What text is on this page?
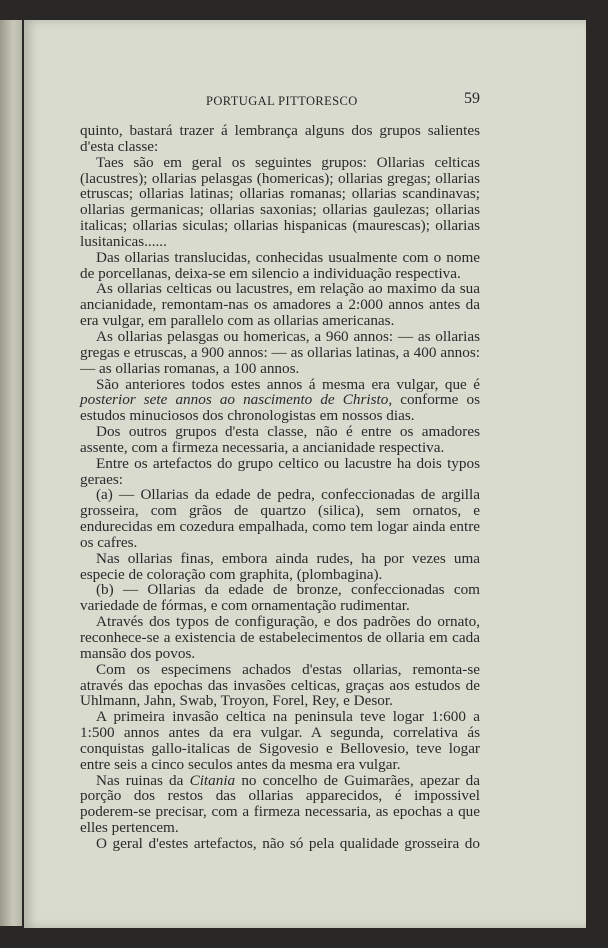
PORTUGAL PITTORESCO	59

quinto, bastará trazer á lembrança alguns dos grupos salientes d'esta classe:

Taes são em geral os seguintes grupos: Ollarias celticas (lacustres); ollarias pelasgas (homericas); ollarias gregas; ollarias etruscas; ollarias latinas; ollarias romanas; ollarias scandinavas; ollarias germanicas; ollarias saxonias; ollarias gaulezas; ollarias italicas; ollarias siculas; ollarias hispanicas (maurescas); ollarias lusitanicas......

Das ollarias translucidas, conhecidas usualmente com o nome de porcellanas, deixa-se em silencio a individuação respectiva.

As ollarias celticas ou lacustres, em relação ao maximo da sua ancianidade, remontam-nas os amadores a 2:000 annos antes da era vulgar, em parallelo com as ollarias americanas.

As ollarias pelasgas ou homericas, a 960 annos: — as ollarias gregas e etruscas, a 900 annos: — as ollarias latinas, a 400 annos: — as ollarias romanas, a 100 annos.

São anteriores todos estes annos á mesma era vulgar, que é posterior sete annos ao nascimento de Christo, conforme os estudos minuciosos dos chronologistas em nossos dias.

Dos outros grupos d'esta classe, não é entre os amadores assente, com a firmeza necessaria, a ancianidade respectiva.

Entre os artefactos do grupo celtico ou lacustre ha dois typos geraes:

(a) — Ollarias da edade de pedra, confeccionadas de argilla grosseira, com grãos de quartzo (silica), sem ornatos, e endurecidas em cozedura empalhada, como tem logar ainda entre os cafres.

Nas ollarias finas, embora ainda rudes, ha por vezes uma especie de coloração com graphita, (plombagina).

(b) — Ollarias da edade de bronze, confeccionadas com variedade de fórmas, e com ornamentação rudimentar.

Através dos typos de configuração, e dos padrões do ornato, reconhece-se a existencia de estabelecimentos de ollaria em cada mansão dos povos.

Com os especimens achados d'estas ollarias, remonta-se através das epochas das invasões celticas, graças aos estudos de Uhlmann, Jahn, Swab, Troyon, Forel, Rey, e Desor.

A primeira invasão celtica na peninsula teve logar 1:600 a 1:500 annos antes da era vulgar. A segunda, correlativa ás conquistas gallo-italicas de Sigovesio e Bellovesio, teve logar entre seis a cinco seculos antes da mesma era vulgar.

Nas ruinas da Citania no concelho de Guimarães, apezar da porção dos restos das ollarias apparecidos, é impossivel poderem-se precisar, com a firmeza necessaria, as epochas a que elles pertencem.

O geral d'estes artefactos, não só pela qualidade grosseira do
